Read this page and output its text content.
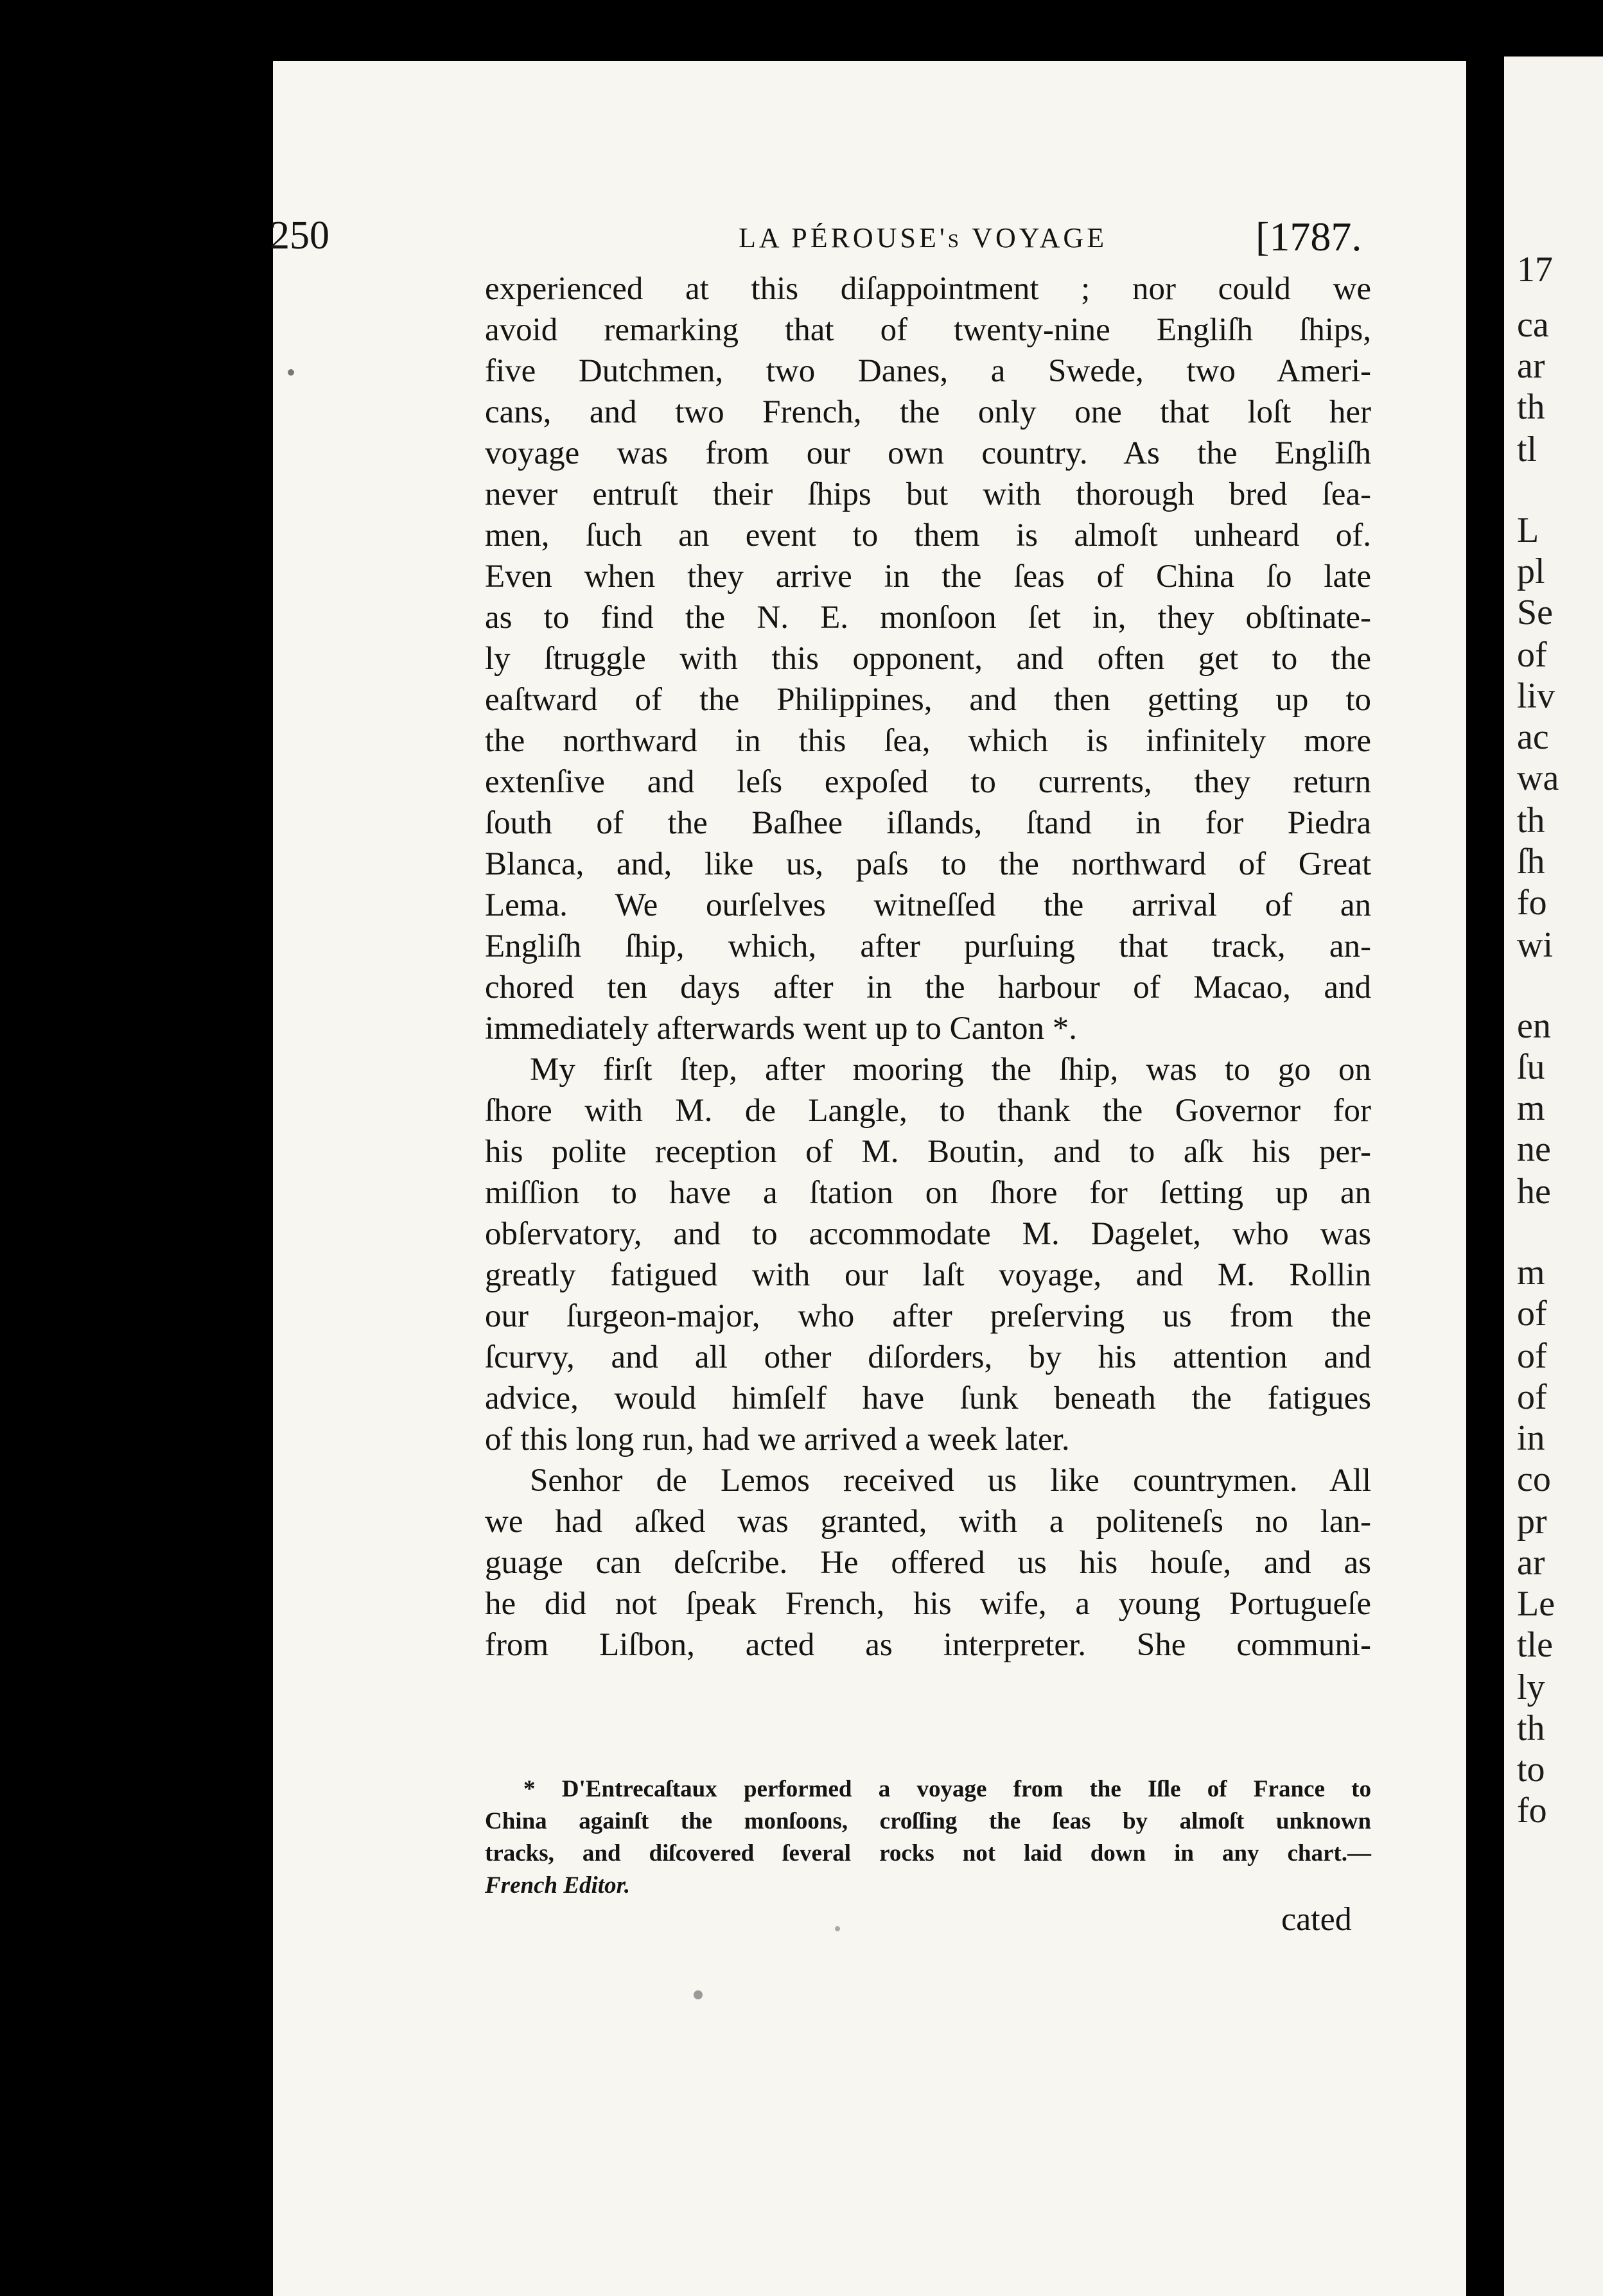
17
ca
ar
th
tl
L
pl
Se
of
liv
ac
wa
th
ſh
fo
wi
en
ſu
m
ne
he
m
of
of
of
in
co
pr
ar
Le
tle
ly
th
to
fo
250	LA PÉROUSE's VOYAGE	[1787.
experienced at this diſappointment ; nor could we
avoid remarking that of twenty-nine Engliſh ſhips,
five Dutchmen, two Danes, a Swede, two Ameri-
cans, and two French, the only one that loſt her
voyage was from our own country. As the Engliſh
never entruſt their ſhips but with thorough bred ſea-
men, ſuch an event to them is almoſt unheard of.
Even when they arrive in the ſeas of China ſo late
as to find the N. E. monſoon ſet in, they obſtinate-
ly ſtruggle with this opponent, and often get to the
eaſtward of the Philippines, and then getting up to
the northward in this ſea, which is infinitely more
extenſive and leſs expoſed to currents, they return
ſouth of the Baſhee iſlands, ſtand in for Piedra
Blanca, and, like us, paſs to the northward of Great
Lema. We ourſelves witneſſed the arrival of an
Engliſh ſhip, which, after purſuing that track, an-
chored ten days after in the harbour of Macao, and
immediately afterwards went up to Canton *.
My firſt ſtep, after mooring the ſhip, was to go on
ſhore with M. de Langle, to thank the Governor for
his polite reception of M. Boutin, and to aſk his per-
miſſion to have a ſtation on ſhore for ſetting up an
obſervatory, and to accommodate M. Dagelet, who was
greatly fatigued with our laſt voyage, and M. Rollin
our ſurgeon-major, who after preſerving us from the
ſcurvy, and all other diſorders, by his attention and
advice, would himſelf have ſunk beneath the fatigues
of this long run, had we arrived a week later.
Senhor de Lemos received us like countrymen. All
we had aſked was granted, with a politeneſs no lan-
guage can deſcribe. He offered us his houſe, and as
he did not ſpeak French, his wife, a young Portugueſe
from Liſbon, acted as interpreter. She communi-
* D'Entrecaſtaux performed a voyage from the Iſle of France to
China againſt the monſoons, croſſing the ſeas by almoſt unknown
tracks, and diſcovered ſeveral rocks not laid down in any chart.—
French Editor.
cated
